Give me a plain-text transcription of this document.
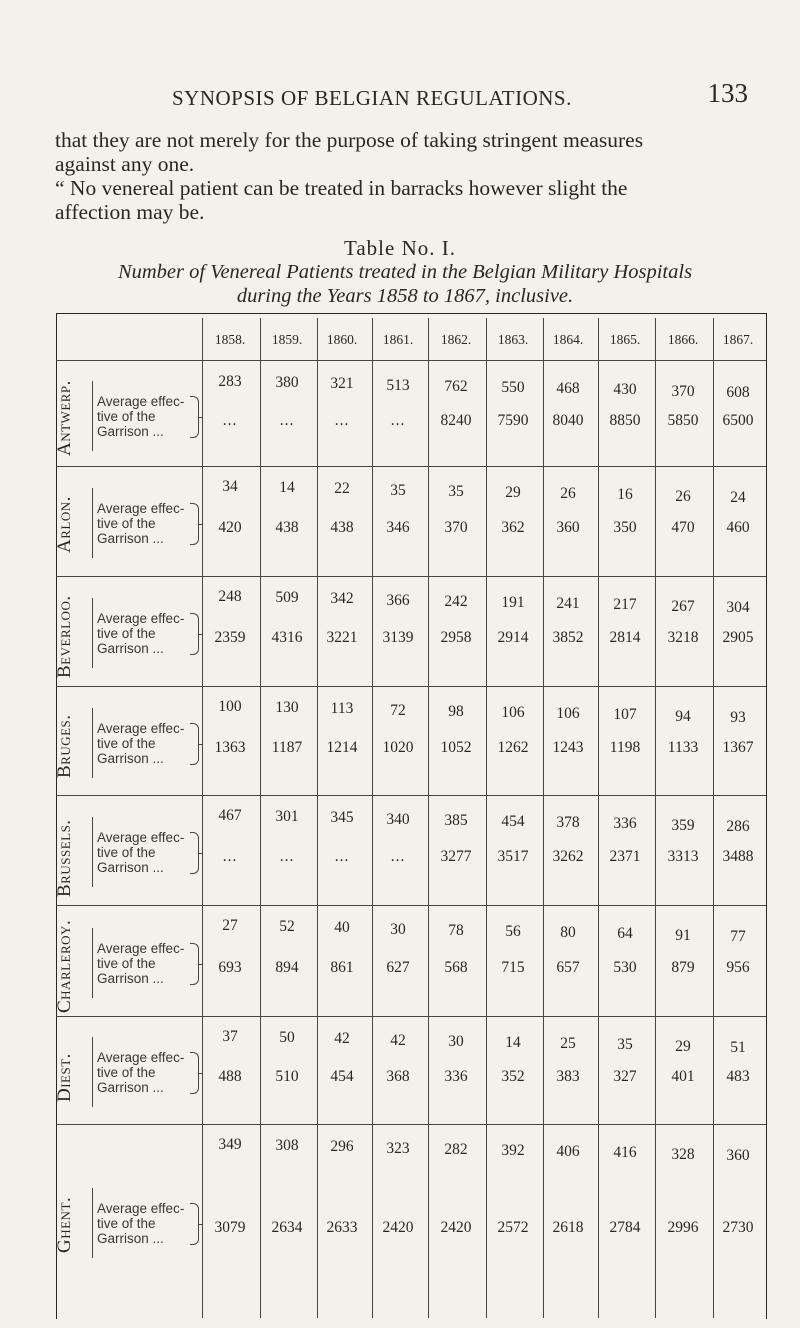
SYNOPSIS OF BELGIAN REGULATIONS.	133

that they are not merely for the purpose of taking stringent measures
against any one.
“ No venereal patient can be treated in barracks however slight the
affection may be.

Table No. I.
Number of Venereal Patients treated in the Belgian Military Hospitals
during the Years 1858 to 1867, inclusive.
1858.	1859.	1860.	1861.	1862.	1863.	1864.	1865.	1866.	1867.
Antwerp. Average effec-
tive of the
Garrison ...
283	380	321	513	762	550	468	430	370	608
...	...	...	...	8240	7590	8040	8850	5850	6500
Arlon. Average effec-
tive of the
Garrison ...
34	14	22	35	35	29	26	16	26	24
420	438	438	346	370	362	360	350	470	460
Beverloo. Average effec-
tive of the
Garrison ...
248	509	342	366	242	191	241	217	267	304
2359	4316	3221	3139	2958	2914	3852	2814	3218	2905
Bruges. Average effec-
tive of the
Garrison ...
100	130	113	72	98	106	106	107	94	93
1363	1187	1214	1020	1052	1262	1243	1198	1133	1367
Brussels. Average effec-
tive of the
Garrison ...
467	301	345	340	385	454	378	336	359	286
...	...	...	...	3277	3517	3262	2371	3313	3488
Charleroy. Average effec-
tive of the
Garrison ...
27	52	40	30	78	56	80	64	91	77
693	894	861	627	568	715	657	530	879	956
Diest. Average effec-
tive of the
Garrison ...
37	50	42	42	30	14	25	35	29	51
488	510	454	368	336	352	383	327	401	483
Ghent. Average effec-
tive of the
Garrison ...
349	308	296	323	282	392	406	416	328	360
3079	2634	2633	2420	2420	2572	2618	2784	2996	2730
